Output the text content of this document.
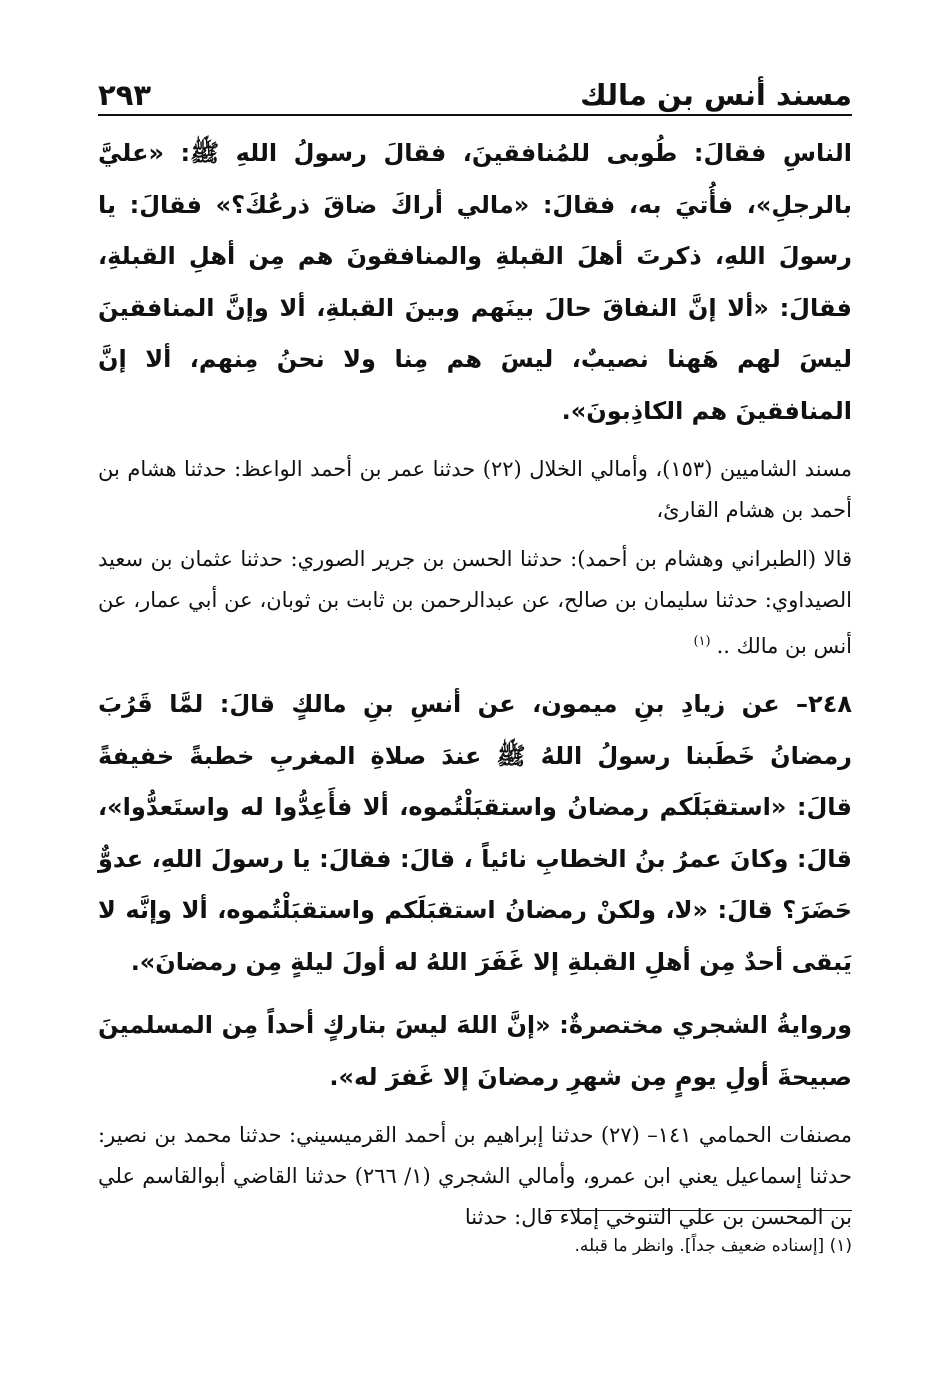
مسند أنس بن مالك
٢٩٣

الناسِ فقالَ: طُوبى للمُنافقينَ، فقالَ رسولُ اللهِ ﷺ: «عليَّ بالرجلِ»، فأُتيَ به، فقالَ: «مالي أراكَ ضاقَ ذرعُكَ؟» فقالَ: يا رسولَ اللهِ، ذكرتَ أهلَ القبلةِ والمنافقونَ هم مِن أهلِ القبلةِ، فقالَ: «ألا إنَّ النفاقَ حالَ بينَهم وبينَ القبلةِ، ألا وإنَّ المنافقينَ ليسَ لهم هَهنا نصيبٌ، ليسَ هم مِنا ولا نحنُ مِنهم، ألا إنَّ المنافقينَ هم الكاذِبونَ».

مسند الشاميين (١٥٣)، وأمالي الخلال (٢٢) حدثنا عمر بن أحمد الواعظ: حدثنا هشام بن أحمد بن هشام القارئ،

قالا (الطبراني وهشام بن أحمد): حدثنا الحسن بن جرير الصوري: حدثنا عثمان بن سعيد الصيداوي: حدثنا سليمان بن صالح، عن عبدالرحمن بن ثابت بن ثوبان، عن أبي عمار، عن أنس بن مالك ..$^{(١)}$

٢٤٨– عن زيادِ بنِ ميمون، عن أنسِ بنِ مالكٍ قالَ: لمَّا قَرُبَ رمضانُ خَطَبنا رسولُ اللهُ ﷺ عندَ صلاةِ المغربِ خطبةً خفيفةً قالَ: «استقبَلَكم رمضانُ واستقبَلْتُموه، ألا فأَعِدُّوا له واستَعدُّوا»، قالَ: وكانَ عمرُ بنُ الخطابِ نائياً ، قالَ: فقالَ: يا رسولَ اللهِ، عدوٌّ حَضَرَ؟ قالَ: «لا، ولكنْ رمضانُ استقبَلَكم واستقبَلْتُموه، ألا وإنَّه لا يَبقى أحدٌ مِن أهلِ القبلةِ إلا غَفَرَ اللهُ له أولَ ليلةٍ مِن رمضانَ».

وروايةُ الشجري مختصرةٌ: «إنَّ اللهَ ليسَ بتاركٍ أحداً مِن المسلمينَ صبيحةَ أولِ يومٍ مِن شهرِ رمضانَ إلا غَفرَ له».

مصنفات الحمامي ١٤١– (٢٧) حدثنا إبراهيم بن أحمد القرميسيني: حدثنا محمد بن نصير: حدثنا إسماعيل يعني ابن عمرو، وأمالي الشجري (١/ ٢٦٦) حدثنا القاضي أبوالقاسم علي بن المحسن بن علي التنوخي إملاء قال: حدثنا

(١) [إسناده ضعيف جداً]. وانظر ما قبله.
